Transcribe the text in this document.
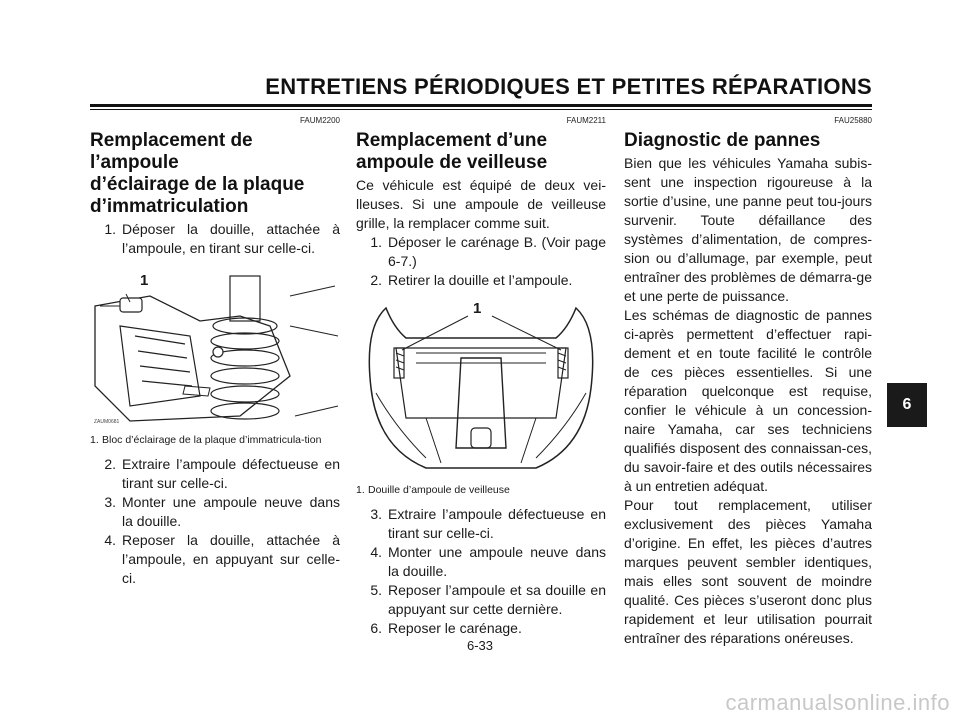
ENTRETIENS PÉRIODIQUES ET PETITES RÉPARATIONS
FAUM2200
Remplacement de l’ampoule
d’éclairage de la plaque
d’immatriculation
1. Déposer la douille, attachée à l’ampoule, en tirant sur celle-ci.
1
ZAUM0681
1. Bloc d’éclairage de la plaque d’immatricula-tion
2. Extraire l’ampoule défectueuse en tirant sur celle-ci.
3. Monter une ampoule neuve dans la douille.
4. Reposer la douille, attachée à l’ampoule, en appuyant sur celle-ci.
FAUM2211
Remplacement d’une
ampoule de veilleuse

Ce véhicule est équipé de deux vei-lleuses. Si une ampoule de veilleuse grille, la remplacer comme suit.

1. Déposer le carénage B. (Voir page 6-7.)
2. Retirer la douille et l’ampoule.
1
1. Douille d’ampoule de veilleuse
3. Extraire l’ampoule défectueuse en tirant sur celle-ci.
4. Monter une ampoule neuve dans la douille.
5. Reposer l’ampoule et sa douille en appuyant sur cette dernière.
6. Reposer le carénage.
FAU25880
Diagnostic de pannes

Bien que les véhicules Yamaha subis-sent une inspection rigoureuse à la sortie d’usine, une panne peut tou-jours survenir. Toute défaillance des systèmes d’alimentation, de compres-sion ou d’allumage, par exemple, peut entraîner des problèmes de démarra-ge et une perte de puissance.

Les schémas de diagnostic de pannes ci-après permettent d’effectuer rapi-dement et en toute facilité le contrôle de ces pièces essentielles. Si une réparation quelconque est requise, confier le véhicule à un concession-naire Yamaha, car ses techniciens qualifiés disposent des connaissan-ces, du savoir-faire et des outils nécessaires à un entretien adéquat.

Pour tout remplacement, utiliser exclusivement des pièces Yamaha d’origine. En effet, les pièces d’autres marques peuvent sembler identiques, mais elles sont souvent de moindre qualité. Ces pièces s’useront donc plus rapidement et leur utilisation pourrait entraîner des réparations onéreuses.

6
6-33
carmanualsonline.info
